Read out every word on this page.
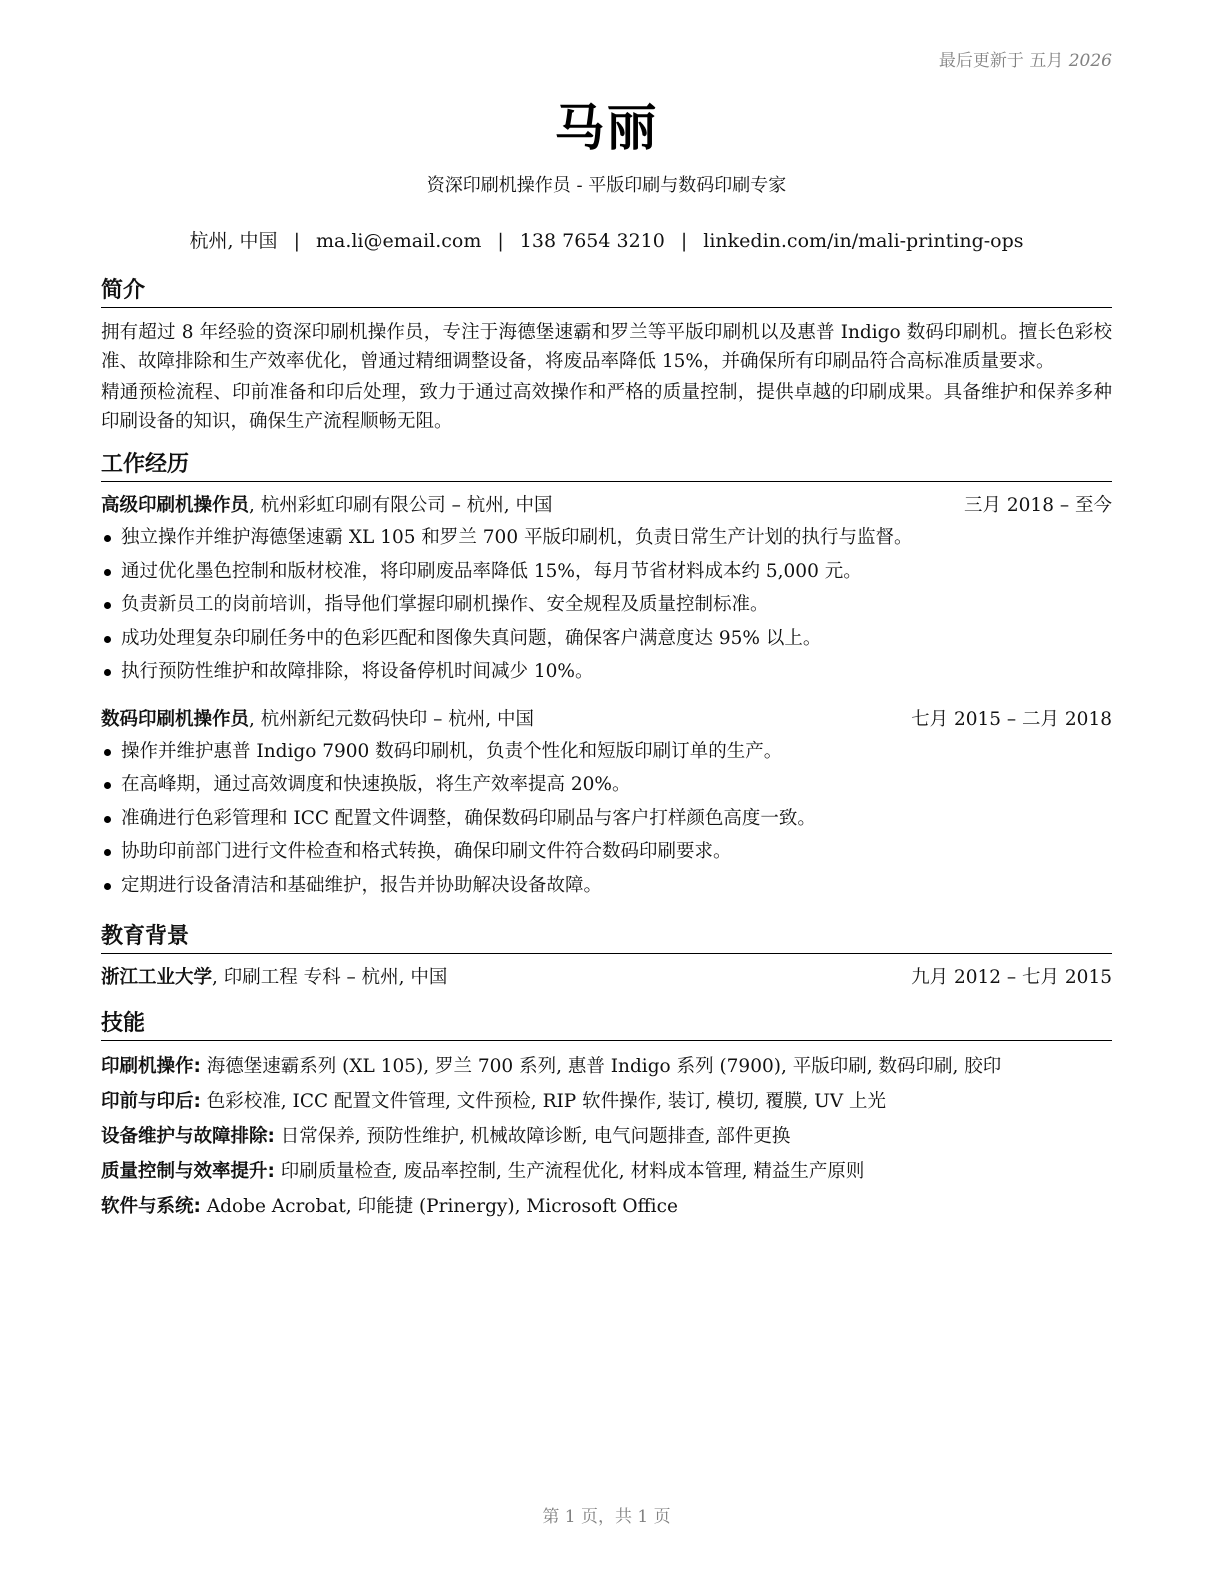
最后更新于 五月 2026
马丽
资深印刷机操作员 - 平版印刷与数码印刷专家
杭州, 中国 | ma.li@email.com | 138 7654 3210 | linkedin.com/in/mali-printing-ops
简介

拥有超过 8 年经验的资深印刷机操作员，专注于海德堡速霸和罗兰等平版印刷机以及惠普 Indigo 数码印刷机。擅长色彩校准、故障排除和生产效率优化，曾通过精细调整设备，将废品率降低 15%，并确保所有印刷品符合高标准质量要求。

精通预检流程、印前准备和印后处理，致力于通过高效操作和严格的质量控制，提供卓越的印刷成果。具备维护和保养多种印刷设备的知识，确保生产流程顺畅无阻。

工作经历
高级印刷机操作员, 杭州彩虹印刷有限公司 – 杭州, 中国	三月 2018 – 至今
独立操作并维护海德堡速霸 XL 105 和罗兰 700 平版印刷机，负责日常生产计划的执行与监督。
通过优化墨色控制和版材校准，将印刷废品率降低 15%，每月节省材料成本约 5,000 元。
负责新员工的岗前培训，指导他们掌握印刷机操作、安全规程及质量控制标准。
成功处理复杂印刷任务中的色彩匹配和图像失真问题，确保客户满意度达 95% 以上。
执行预防性维护和故障排除，将设备停机时间减少 10%。
数码印刷机操作员, 杭州新纪元数码快印 – 杭州, 中国	七月 2015 – 二月 2018
操作并维护惠普 Indigo 7900 数码印刷机，负责个性化和短版印刷订单的生产。
在高峰期，通过高效调度和快速换版，将生产效率提高 20%。
准确进行色彩管理和 ICC 配置文件调整，确保数码印刷品与客户打样颜色高度一致。
协助印前部门进行文件检查和格式转换，确保印刷文件符合数码印刷要求。
定期进行设备清洁和基础维护，报告并协助解决设备故障。
教育背景
浙江工业大学, 印刷工程 专科 – 杭州, 中国	九月 2012 – 七月 2015
技能
印刷机操作: 海德堡速霸系列 (XL 105), 罗兰 700 系列, 惠普 Indigo 系列 (7900), 平版印刷, 数码印刷, 胶印
印前与印后: 色彩校准, ICC 配置文件管理, 文件预检, RIP 软件操作, 装订, 模切, 覆膜, UV 上光
设备维护与故障排除: 日常保养, 预防性维护, 机械故障诊断, 电气问题排查, 部件更换
质量控制与效率提升: 印刷质量检查, 废品率控制, 生产流程优化, 材料成本管理, 精益生产原则
软件与系统: Adobe Acrobat, 印能捷 (Prinergy), Microsoft Office
第 1 页，共 1 页
